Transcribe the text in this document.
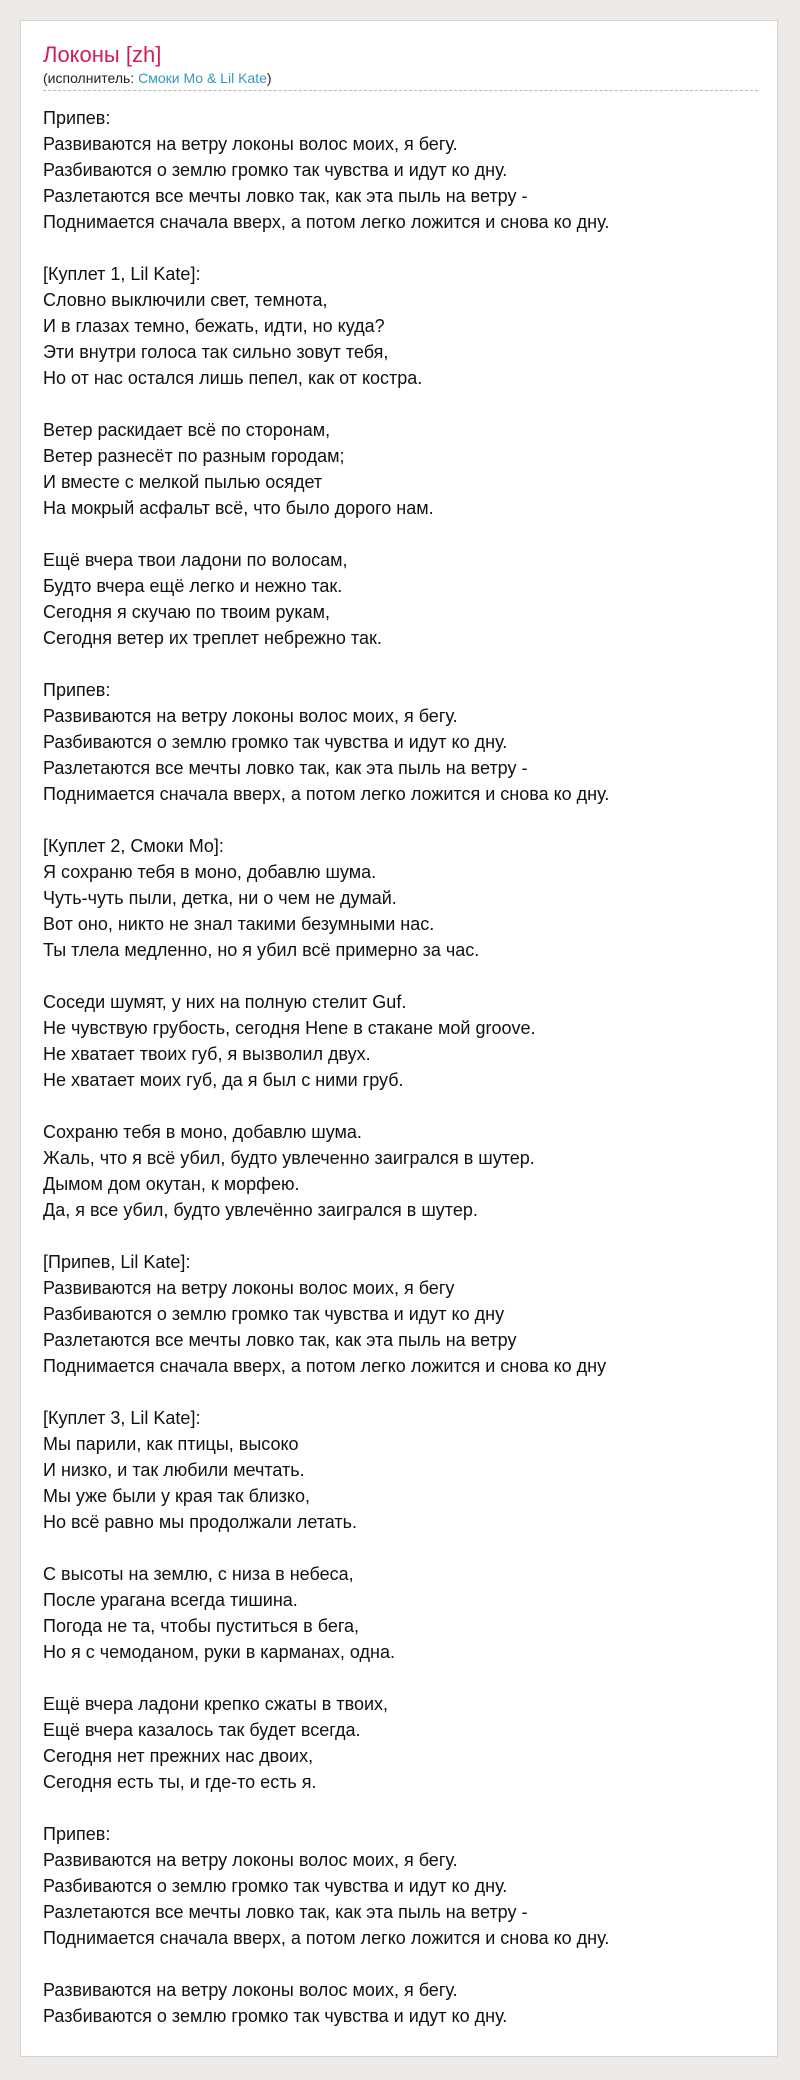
Локоны [zh]
(исполнитель: Смоки Мо & Lil Kate)
Припев:
Развиваются на ветру локоны волос моих, я бегу.
Разбиваются о землю громко так чувства и идут ко дну.
Разлетаются все мечты ловко так, как эта пыль на ветру -
Поднимается сначала вверх, а потом легко ложится и снова ко дну.
[Куплет 1, Lil Kate]:
Словно выключили свет, темнота,
И в глазах темно, бежать, идти, но куда?
Эти внутри голоса так сильно зовут тебя,
Но от нас остался лишь пепел, как от костра.
Ветер раскидает всё по сторонам,
Ветер разнесёт по разным городам;
И вместе с мелкой пылью осядет
На мокрый асфальт всё, что было дорого нам.
Ещё вчера твои ладони по волосам,
Будто вчера ещё легко и нежно так.
Сегодня я скучаю по твоим рукам,
Сегодня ветер их треплет небрежно так.
Припев:
Развиваются на ветру локоны волос моих, я бегу.
Разбиваются о землю громко так чувства и идут ко дну.
Разлетаются все мечты ловко так, как эта пыль на ветру -
Поднимается сначала вверх, а потом легко ложится и снова ко дну.
[Куплет 2, Смоки Мо]:
Я сохраню тебя в моно, добавлю шума.
Чуть-чуть пыли, детка, ни о чем не думай.
Вот оно, никто не знал такими безумными нас.
Ты тлела медленно, но я убил всё примерно за час.
Соседи шумят, у них на полную стелит Guf.
Не чувствую грубость, сегодня Неnе в стакане мой groove.
Не хватает твоих губ, я вызволил двух.
Не хватает моих губ, да я был с ними груб.
Сохраню тебя в моно, добавлю шума.
Жаль, что я всё убил, будто увлеченно заигрался в шутер.
Дымом дом окутан, к морфею.
Да, я все убил, будто увлечённо заигрался в шутер.
[Припев, Lil Kate]:
Развиваются на ветру локоны волос моих, я бегу
Разбиваются о землю громко так чувства и идут ко дну
Разлетаются все мечты ловко так, как эта пыль на ветру
Поднимается сначала вверх, а потом легко ложится и снова ко дну
[Куплет 3, Lil Kate]:
Мы парили, как птицы, высоко
И низко, и так любили мечтать.
Мы уже были у края так близко,
Но всё равно мы продолжали летать.
С высоты на землю, с низа в небеса,
После урагана всегда тишина.
Погода не та, чтобы пуститься в бега,
Но я с чемоданом, руки в карманах, одна.
Ещё вчера ладони крепко сжаты в твоих,
Ещё вчера казалось так будет всегда.
Сегодня нет прежних нас двоих,
Сегодня есть ты, и где-то есть я.
Припев:
Развиваются на ветру локоны волос моих, я бегу.
Разбиваются о землю громко так чувства и идут ко дну.
Разлетаются все мечты ловко так, как эта пыль на ветру -
Поднимается сначала вверх, а потом легко ложится и снова ко дну.
Развиваются на ветру локоны волос моих, я бегу.
Разбиваются о землю громко так чувства и идут ко дну.
